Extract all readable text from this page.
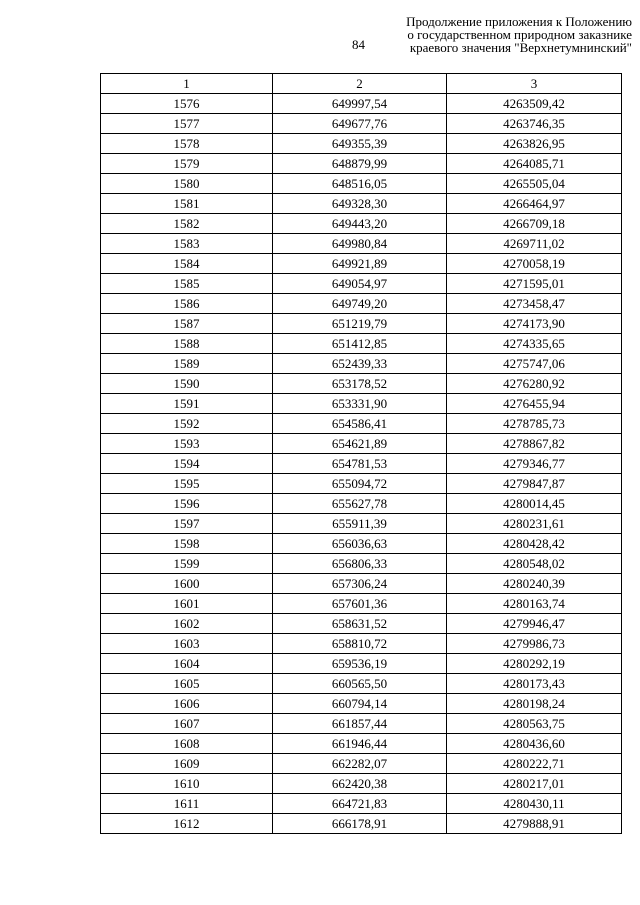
84
Продолжение приложения к Положению
о государственном природном заказнике
краевого значения "Верхнетумнинский"
1	2	3
1576	649997,54	4263509,42
1577	649677,76	4263746,35
1578	649355,39	4263826,95
1579	648879,99	4264085,71
1580	648516,05	4265505,04
1581	649328,30	4266464,97
1582	649443,20	4266709,18
1583	649980,84	4269711,02
1584	649921,89	4270058,19
1585	649054,97	4271595,01
1586	649749,20	4273458,47
1587	651219,79	4274173,90
1588	651412,85	4274335,65
1589	652439,33	4275747,06
1590	653178,52	4276280,92
1591	653331,90	4276455,94
1592	654586,41	4278785,73
1593	654621,89	4278867,82
1594	654781,53	4279346,77
1595	655094,72	4279847,87
1596	655627,78	4280014,45
1597	655911,39	4280231,61
1598	656036,63	4280428,42
1599	656806,33	4280548,02
1600	657306,24	4280240,39
1601	657601,36	4280163,74
1602	658631,52	4279946,47
1603	658810,72	4279986,73
1604	659536,19	4280292,19
1605	660565,50	4280173,43
1606	660794,14	4280198,24
1607	661857,44	4280563,75
1608	661946,44	4280436,60
1609	662282,07	4280222,71
1610	662420,38	4280217,01
1611	664721,83	4280430,11
1612	666178,91	4279888,91
